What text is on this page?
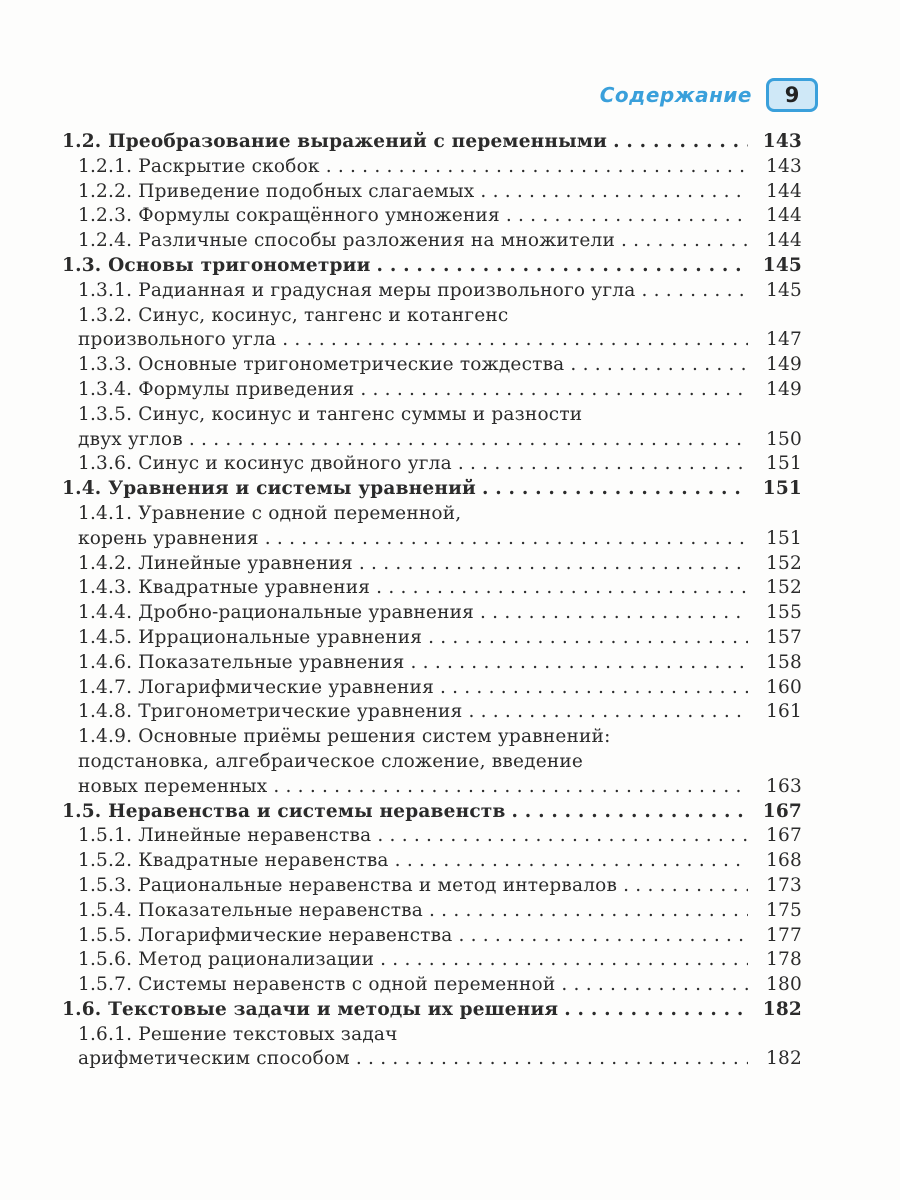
Содержание	9
1.2. Преобразование выражений с переменными . . .	143
1.2.1. Раскрытие скобок . . .	143
1.2.2. Приведение подобных слагаемых . . .	144
1.2.3. Формулы сокращённого умножения . . .	144
1.2.4. Различные способы разложения на множители . . .	144
1.3. Основы тригонометрии . . .	145
1.3.1. Радианная и градусная меры произвольного угла . . .	145
1.3.2. Синус, косинус, тангенс и котангенс
произвольного угла . . .	147
1.3.3. Основные тригонометрические тождества . . .	149
1.3.4. Формулы приведения . . .	149
1.3.5. Синус, косинус и тангенс суммы и разности
двух углов . . .	150
1.3.6. Синус и косинус двойного угла . . .	151
1.4. Уравнения и системы уравнений . . .	151
1.4.1. Уравнение с одной переменной,
корень уравнения . . .	151
1.4.2. Линейные уравнения . . .	152
1.4.3. Квадратные уравнения . . .	152
1.4.4. Дробно-рациональные уравнения . . .	155
1.4.5. Иррациональные уравнения . . .	157
1.4.6. Показательные уравнения . . .	158
1.4.7. Логарифмические уравнения . . .	160
1.4.8. Тригонометрические уравнения . . .	161
1.4.9. Основные приёмы решения систем уравнений:
подстановка, алгебраическое сложение, введение
новых переменных . . .	163
1.5. Неравенства и системы неравенств . . .	167
1.5.1. Линейные неравенства . . .	167
1.5.2. Квадратные неравенства . . .	168
1.5.3. Рациональные неравенства и метод интервалов . . .	173
1.5.4. Показательные неравенства . . .	175
1.5.5. Логарифмические неравенства . . .	177
1.5.6. Метод рационализации . . .	178
1.5.7. Системы неравенств с одной переменной . . .	180
1.6. Текстовые задачи и методы их решения . . .	182
1.6.1. Решение текстовых задач
арифметическим способом . . .	182
